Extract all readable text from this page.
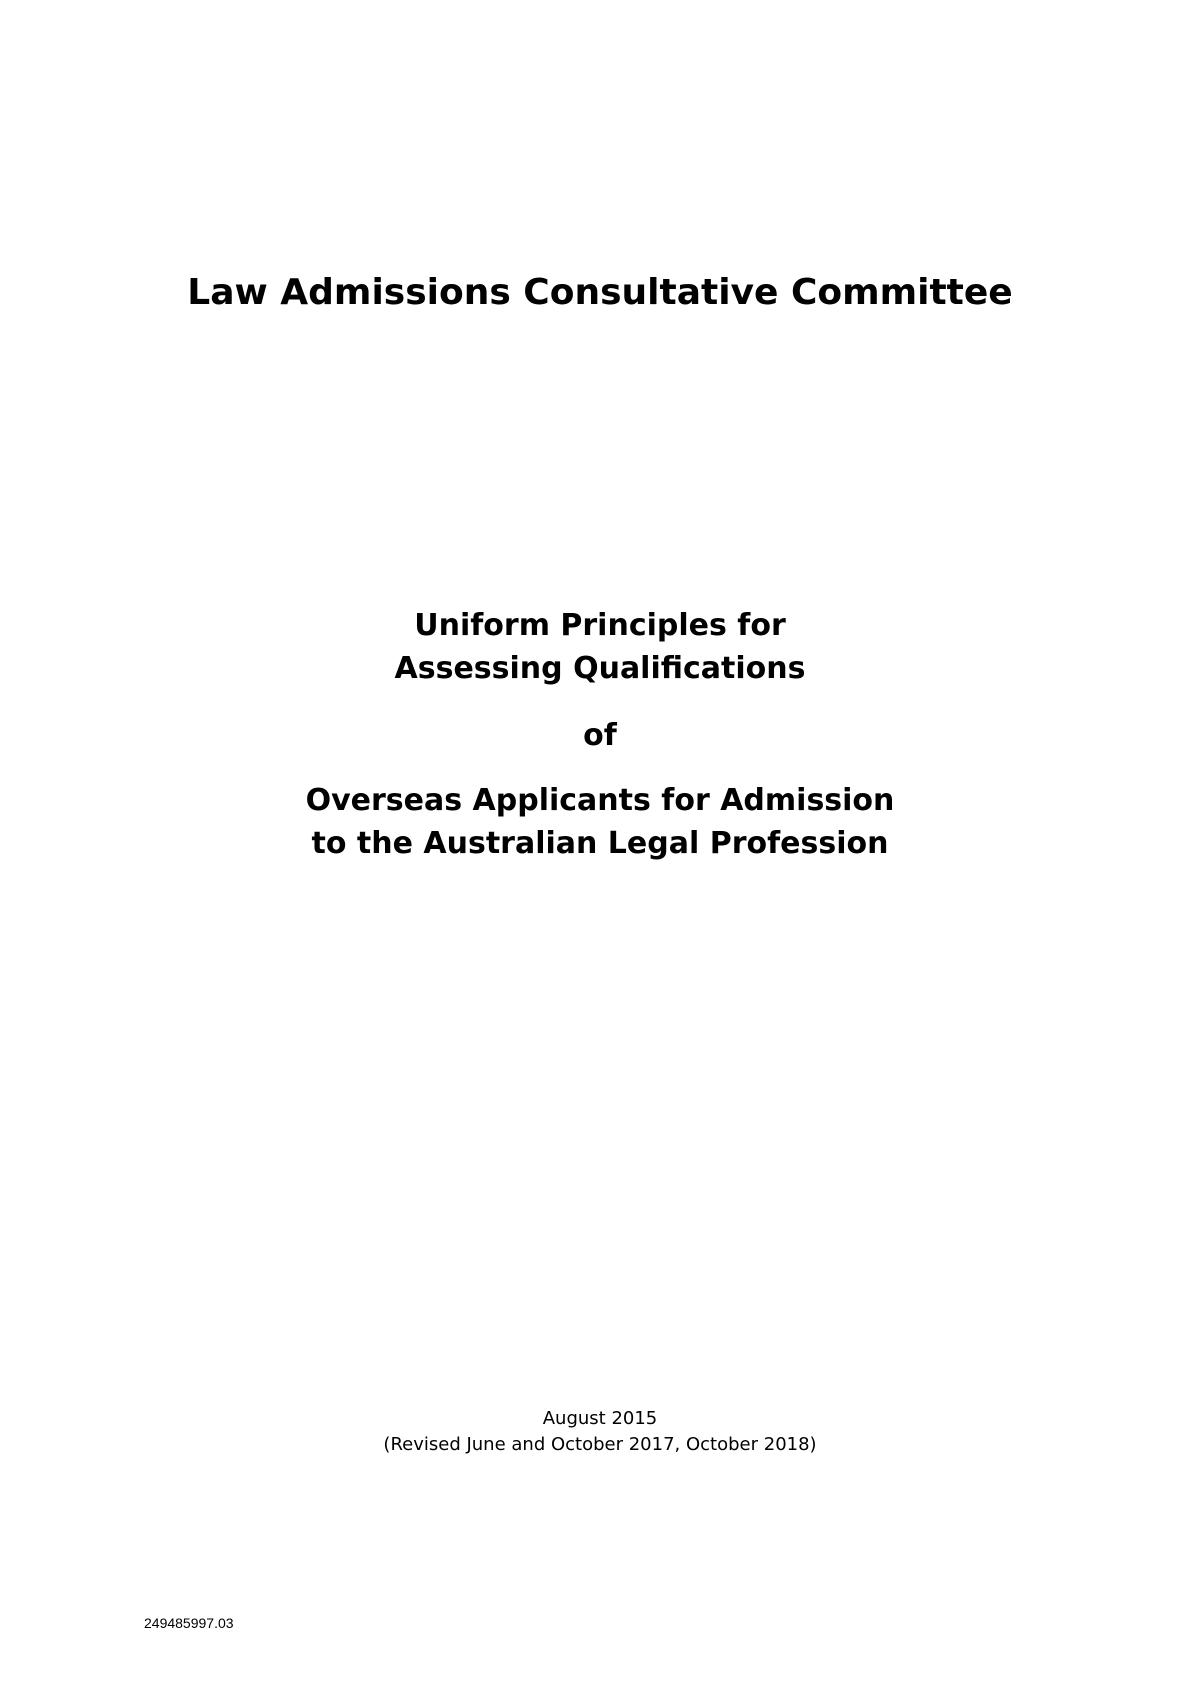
Law Admissions Consultative Committee
Uniform Principles for
Assessing Qualifications
of
Overseas Applicants for Admission
to the Australian Legal Profession
August 2015
(Revised June and October 2017, October 2018)
249485997.03
